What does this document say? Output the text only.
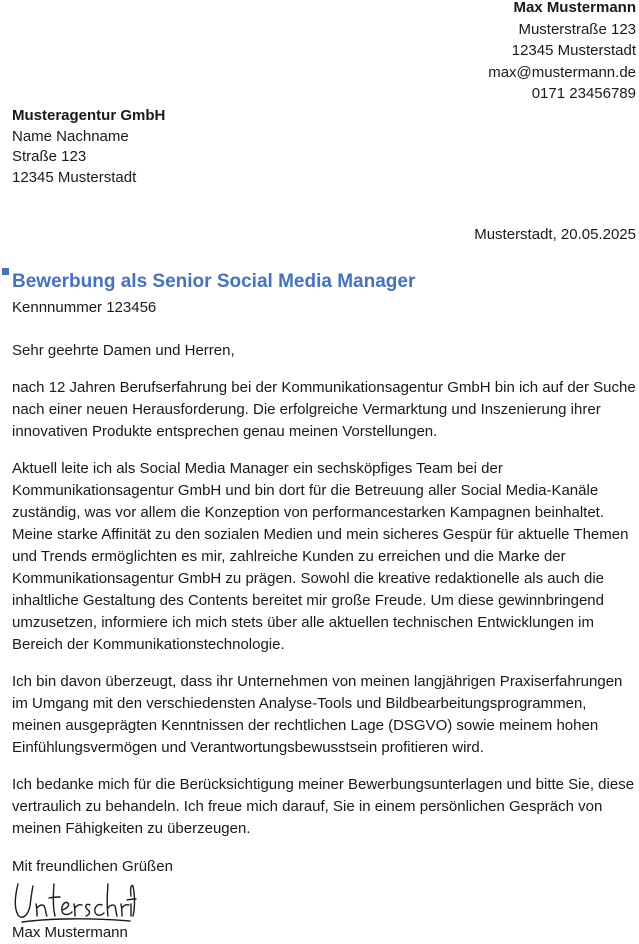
Max Mustermann
Musterstraße 123
12345 Musterstadt
max@mustermann.de
0171 23456789
Musteragentur GmbH
Name Nachname
Straße 123
12345 Musterstadt
Musterstadt, 20.05.2025
Bewerbung als Senior Social Media Manager
Kennnummer 123456

Sehr geehrte Damen und Herren,

nach 12 Jahren Berufserfahrung bei der Kommunikationsagentur GmbH bin ich auf der Suche nach einer neuen Herausforderung. Die erfolgreiche Vermarktung und Inszenierung ihrer innovativen Produkte entsprechen genau meinen Vorstellungen.

Aktuell leite ich als Social Media Manager ein sechsköpfiges Team bei der Kommunikationsagentur GmbH und bin dort für die Betreuung aller Social Media-Kanäle zuständig, was vor allem die Konzeption von performancestarken Kampagnen beinhaltet. Meine starke Affinität zu den sozialen Medien und mein sicheres Gespür für aktuelle Themen und Trends ermöglichten es mir, zahlreiche Kunden zu erreichen und die Marke der Kommunikationsagentur GmbH zu prägen. Sowohl die kreative redaktionelle als auch die inhaltliche Gestaltung des Contents bereitet mir große Freude. Um diese gewinnbringend umzusetzen, informiere ich mich stets über alle aktuellen technischen Entwicklungen im Bereich der Kommunikationstechnologie.

Ich bin davon überzeugt, dass ihr Unternehmen von meinen langjährigen Praxiserfahrungen im Umgang mit den verschiedensten Analyse-Tools und Bildbearbeitungsprogrammen, meinen ausgeprägten Kenntnissen der rechtlichen Lage (DSGVO) sowie meinem hohen Einfühlungsvermögen und Verantwortungsbewusstsein profitieren wird.

Ich bedanke mich für die Berücksichtigung meiner Bewerbungsunterlagen und bitte Sie, diese vertraulich zu behandeln. Ich freue mich darauf, Sie in einem persönlichen Gespräch von meinen Fähigkeiten zu überzeugen.

Mit freundlichen Grüßen
Max Mustermann
